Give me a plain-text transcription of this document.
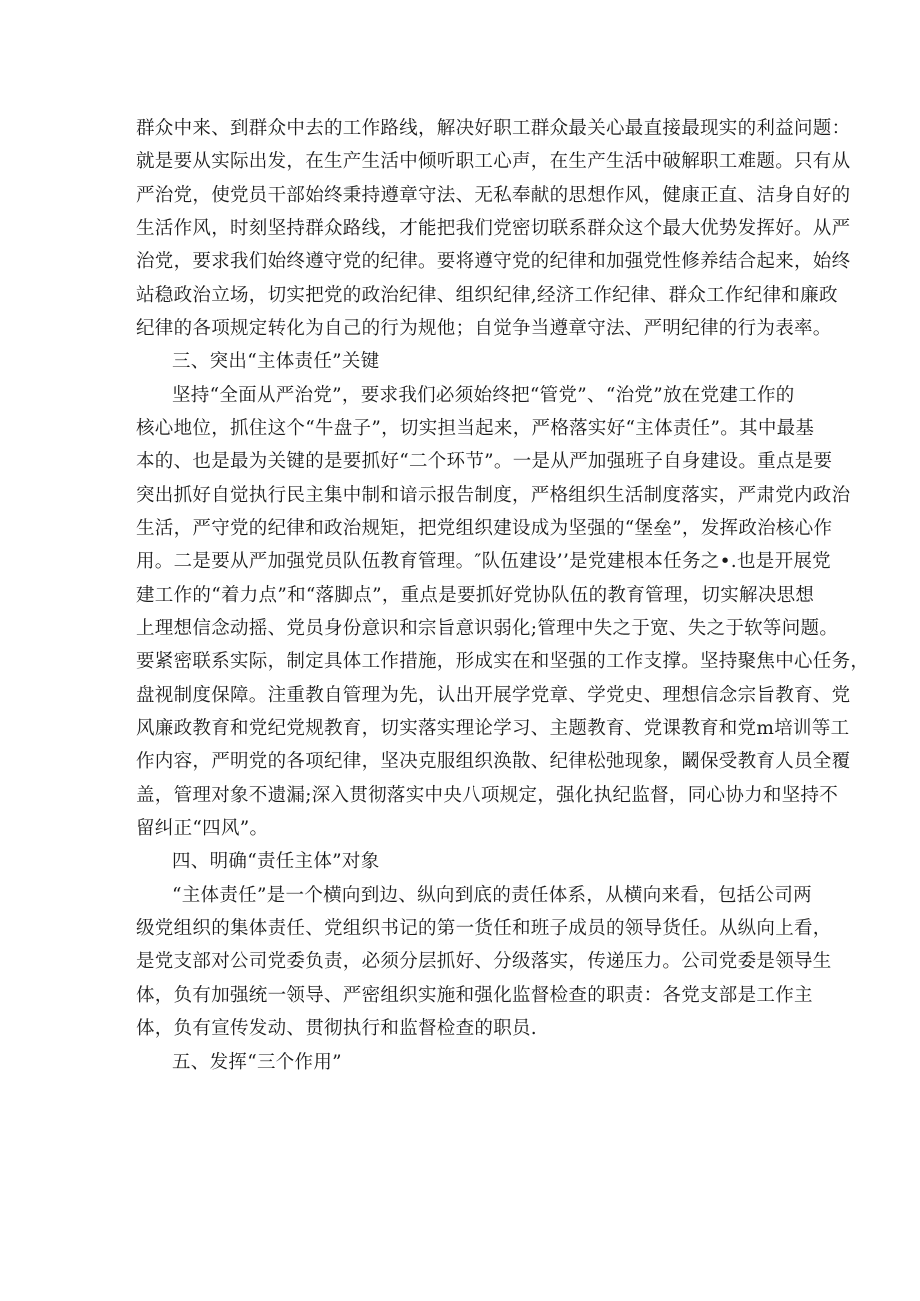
群众中来、到群众中去的工作路线，解决好职工群众最关心最直接最现实的利益问题：
就是要从实际出发，在生产生活中倾听职工心声，在生产生活中破解职工难题。只有从
严治党，使党员干部始终秉持遵章守法、无私奉献的思想作风，健康正直、洁身自好的
生活作风，时刻坚持群众路线，才能把我们党密切联系群众这个最大优势发挥好。从严
治党，要求我们始终遵守党的纪律。要将遵守党的纪律和加强党性修养结合起来，始终
站稳政治立场，切实把党的政治纪律、组织纪律,经济工作纪律、群众工作纪律和廉政
纪律的各项规定转化为自己的行为规他；自觉争当遵章守法、严明纪律的行为表率。
三、突出“主体责任”关键
坚持“全面从严治党”，要求我们必须始终把“管党”、“治党”放在党建工作的
核心地位，抓住这个“牛盘子”，切实担当起来，严格落实好“主体责任”。其中最基
本的、也是最为关键的是要抓好“二个环节”。一是从严加强班子自身建设。重点是要
突出抓好自觉执行民主集中制和谙示报告制度，严格组织生活制度落实，严肃党内政治
生活，严守党的纪律和政治规矩，把党组织建设成为坚强的“堡垒”，发挥政治核心作
用。二是要从严加强党员队伍教育管理。″队伍建设’’是党建根本任务之•.也是开展党
建工作的“着力点”和“落脚点”，重点是要抓好党协队伍的教育管理，切实解决思想
上理想信念动摇、党员身份意识和宗旨意识弱化;管理中失之于宽、失之于软等问题。
要紧密联系实际，制定具体工作措施，形成实在和坚强的工作支撑。坚持聚焦中心任务，
盘视制度保障。注重教自管理为先，认出开展学党章、学党史、理想信念宗旨教育、党
风廉政教育和党纪党规教育，切实落实理论学习、主题教育、党课教育和党m培训等工
作内容，严明党的各项纪律，坚决克服组织涣散、纪律松弛现象，鬫保受教育人员全覆
盖，管理对象不遗漏;深入贯彻落实中央八项规定，强化执纪监督，同心协力和坚持不
留纠正“四风”。
四、明确“责任主体”对象
“主体责任”是一个横向到边、纵向到底的责任体系，从横向来看，包括公司两
级党组织的集体责任、党组织书记的第一货任和班子成员的领导货任。从纵向上看，
是党支部对公司党委负责，必须分层抓好、分级落实，传递压力。公司党委是领导生
体，负有加强统一领导、严密组织实施和强化监督检查的职责：各党支部是工作主
体，负有宣传发动、贯彻执行和监督检查的职员.
五、发挥“三个作用”
